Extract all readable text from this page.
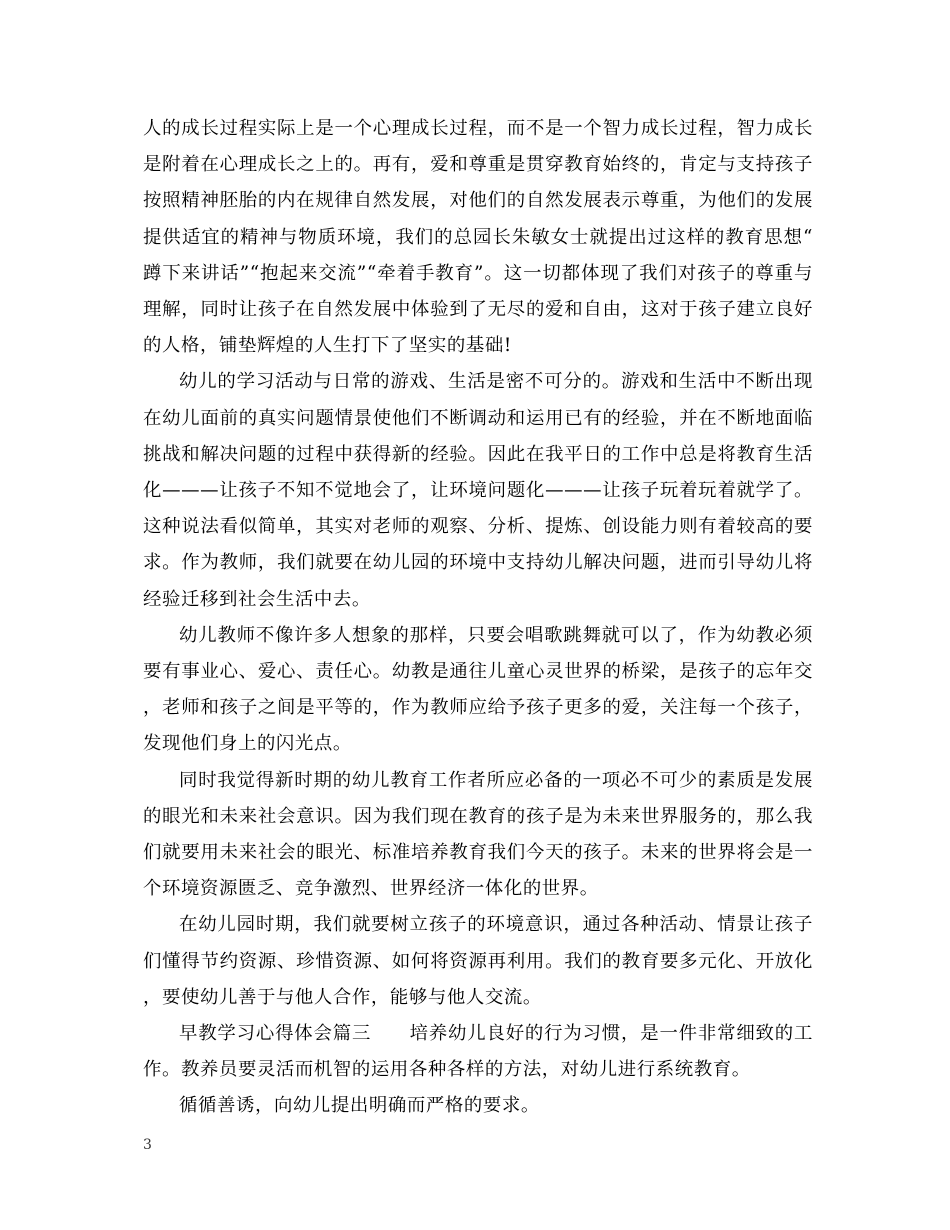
人的成长过程实际上是一个心理成长过程，而不是一个智力成长过程，智力成长是附着在心理成长之上的。再有，爱和尊重是贯穿教育始终的，肯定与支持孩子按照精神胚胎的内在规律自然发展，对他们的自然发展表示尊重，为他们的发展提供适宜的精神与物质环境，我们的总园长朱敏女士就提出过这样的教育思想“蹲下来讲话”“抱起来交流”“牵着手教育”。这一切都体现了我们对孩子的尊重与理解，同时让孩子在自然发展中体验到了无尽的爱和自由，这对于孩子建立良好的人格，铺垫辉煌的人生打下了坚实的基础!

幼儿的学习活动与日常的游戏、生活是密不可分的。游戏和生活中不断出现在幼儿面前的真实问题情景使他们不断调动和运用已有的经验，并在不断地面临挑战和解决问题的过程中获得新的经验。因此在我平日的工作中总是将教育生活化———让孩子不知不觉地会了，让环境问题化———让孩子玩着玩着就学了。这种说法看似简单，其实对老师的观察、分析、提炼、创设能力则有着较高的要求。作为教师，我们就要在幼儿园的环境中支持幼儿解决问题，进而引导幼儿将经验迁移到社会生活中去。

幼儿教师不像许多人想象的那样，只要会唱歌跳舞就可以了，作为幼教必须要有事业心、爱心、责任心。幼教是通往儿童心灵世界的桥梁，是孩子的忘年交，老师和孩子之间是平等的，作为教师应给予孩子更多的爱，关注每一个孩子，发现他们身上的闪光点。

同时我觉得新时期的幼儿教育工作者所应必备的一项必不可少的素质是发展的眼光和未来社会意识。因为我们现在教育的孩子是为未来世界服务的，那么我们就要用未来社会的眼光、标准培养教育我们今天的孩子。未来的世界将会是一个环境资源匮乏、竞争激烈、世界经济一体化的世界。

在幼儿园时期，我们就要树立孩子的环境意识，通过各种活动、情景让孩子们懂得节约资源、珍惜资源、如何将资源再利用。我们的教育要多元化、开放化，要使幼儿善于与他人合作，能够与他人交流。

早教学习心得体会篇三　　培养幼儿良好的行为习惯，是一件非常细致的工作。教养员要灵活而机智的运用各种各样的方法，对幼儿进行系统教育。

循循善诱，向幼儿提出明确而严格的要求。

3
